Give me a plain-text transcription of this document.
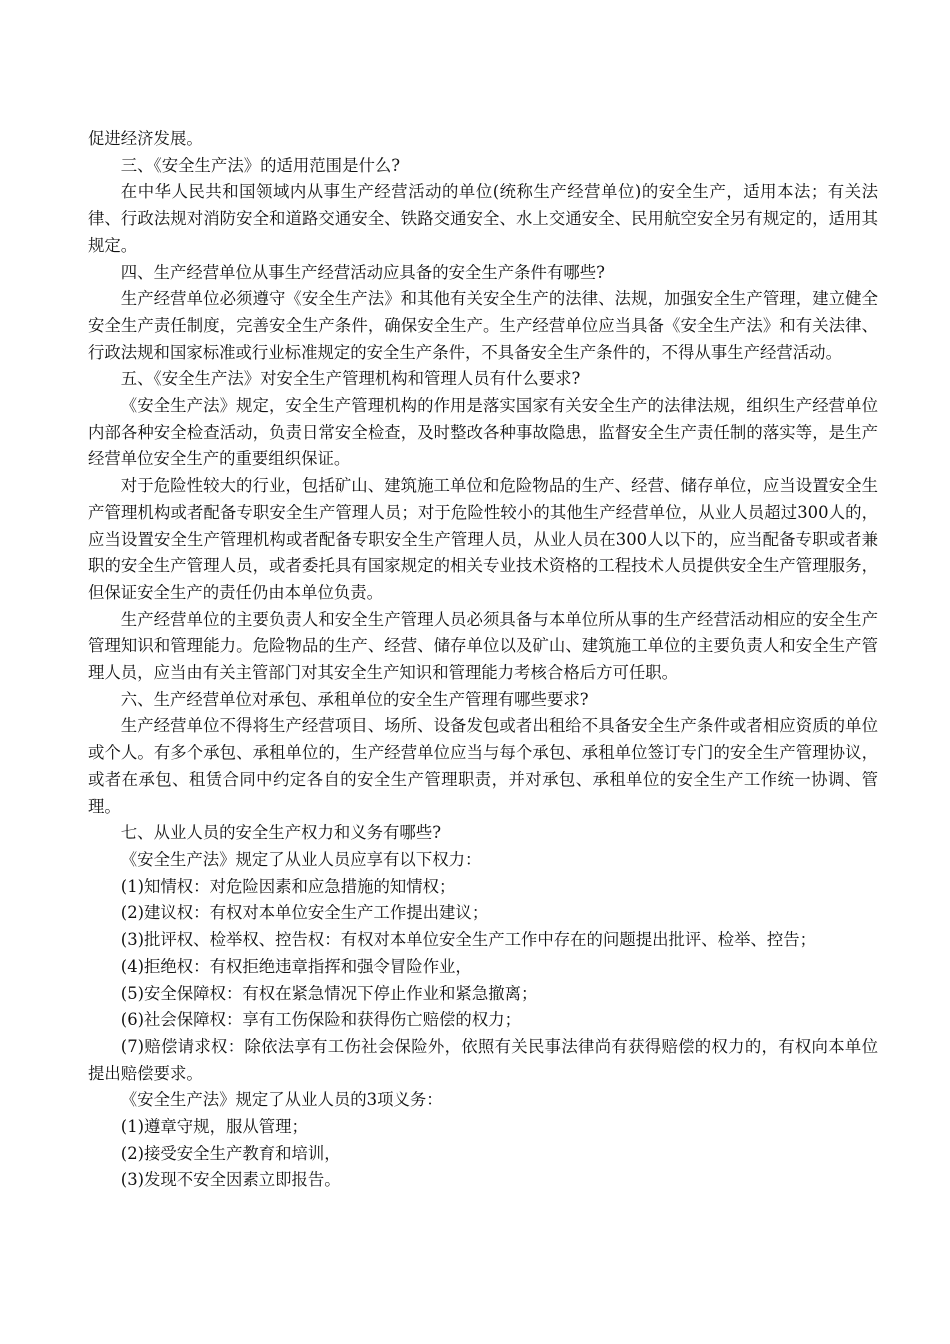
促进经济发展。

三、《安全生产法》的适用范围是什么?

在中华人民共和国领域内从事生产经营活动的单位(统称生产经营单位)的安全生产，适用本法；有关法律、行政法规对消防安全和道路交通安全、铁路交通安全、水上交通安全、民用航空安全另有规定的，适用其规定。

四、生产经营单位从事生产经营活动应具备的安全生产条件有哪些?

生产经营单位必须遵守《安全生产法》和其他有关安全生产的法律、法规，加强安全生产管理，建立健全安全生产责任制度，完善安全生产条件，确保安全生产。生产经营单位应当具备《安全生产法》和有关法律、行政法规和国家标准或行业标准规定的安全生产条件，不具备安全生产条件的，不得从事生产经营活动。

五、《安全生产法》对安全生产管理机构和管理人员有什么要求?

《安全生产法》规定，安全生产管理机构的作用是落实国家有关安全生产的法律法规，组织生产经营单位内部各种安全检查活动，负责日常安全检查，及时整改各种事故隐患，监督安全生产责任制的落实等，是生产经营单位安全生产的重要组织保证。

对于危险性较大的行业，包括矿山、建筑施工单位和危险物品的生产、经营、储存单位，应当设置安全生产管理机构或者配备专职安全生产管理人员；对于危险性较小的其他生产经营单位，从业人员超过300人的，应当设置安全生产管理机构或者配备专职安全生产管理人员，从业人员在300人以下的，应当配备专职或者兼职的安全生产管理人员，或者委托具有国家规定的相关专业技术资格的工程技术人员提供安全生产管理服务，但保证安全生产的责任仍由本单位负责。

生产经营单位的主要负责人和安全生产管理人员必须具备与本单位所从事的生产经营活动相应的安全生产管理知识和管理能力。危险物品的生产、经营、储存单位以及矿山、建筑施工单位的主要负责人和安全生产管理人员，应当由有关主管部门对其安全生产知识和管理能力考核合格后方可任职。

六、生产经营单位对承包、承租单位的安全生产管理有哪些要求?

生产经营单位不得将生产经营项目、场所、设备发包或者出租给不具备安全生产条件或者相应资质的单位或个人。有多个承包、承租单位的，生产经营单位应当与每个承包、承租单位签订专门的安全生产管理协议，或者在承包、租赁合同中约定各自的安全生产管理职责，并对承包、承租单位的安全生产工作统一协调、管理。

七、从业人员的安全生产权力和义务有哪些?

《安全生产法》规定了从业人员应享有以下权力：

(1)知情权：对危险因素和应急措施的知情权；

(2)建议权：有权对本单位安全生产工作提出建议；

(3)批评权、检举权、控告权：有权对本单位安全生产工作中存在的问题提出批评、检举、控告；

(4)拒绝权：有权拒绝违章指挥和强令冒险作业，

(5)安全保障权：有权在紧急情况下停止作业和紧急撤离；

(6)社会保障权：享有工伤保险和获得伤亡赔偿的权力；

(7)赔偿请求权：除依法享有工伤社会保险外，依照有关民事法律尚有获得赔偿的权力的，有权向本单位提出赔偿要求。

《安全生产法》规定了从业人员的3项义务：

(1)遵章守规，服从管理；

(2)接受安全生产教育和培训，

(3)发现不安全因素立即报告。
